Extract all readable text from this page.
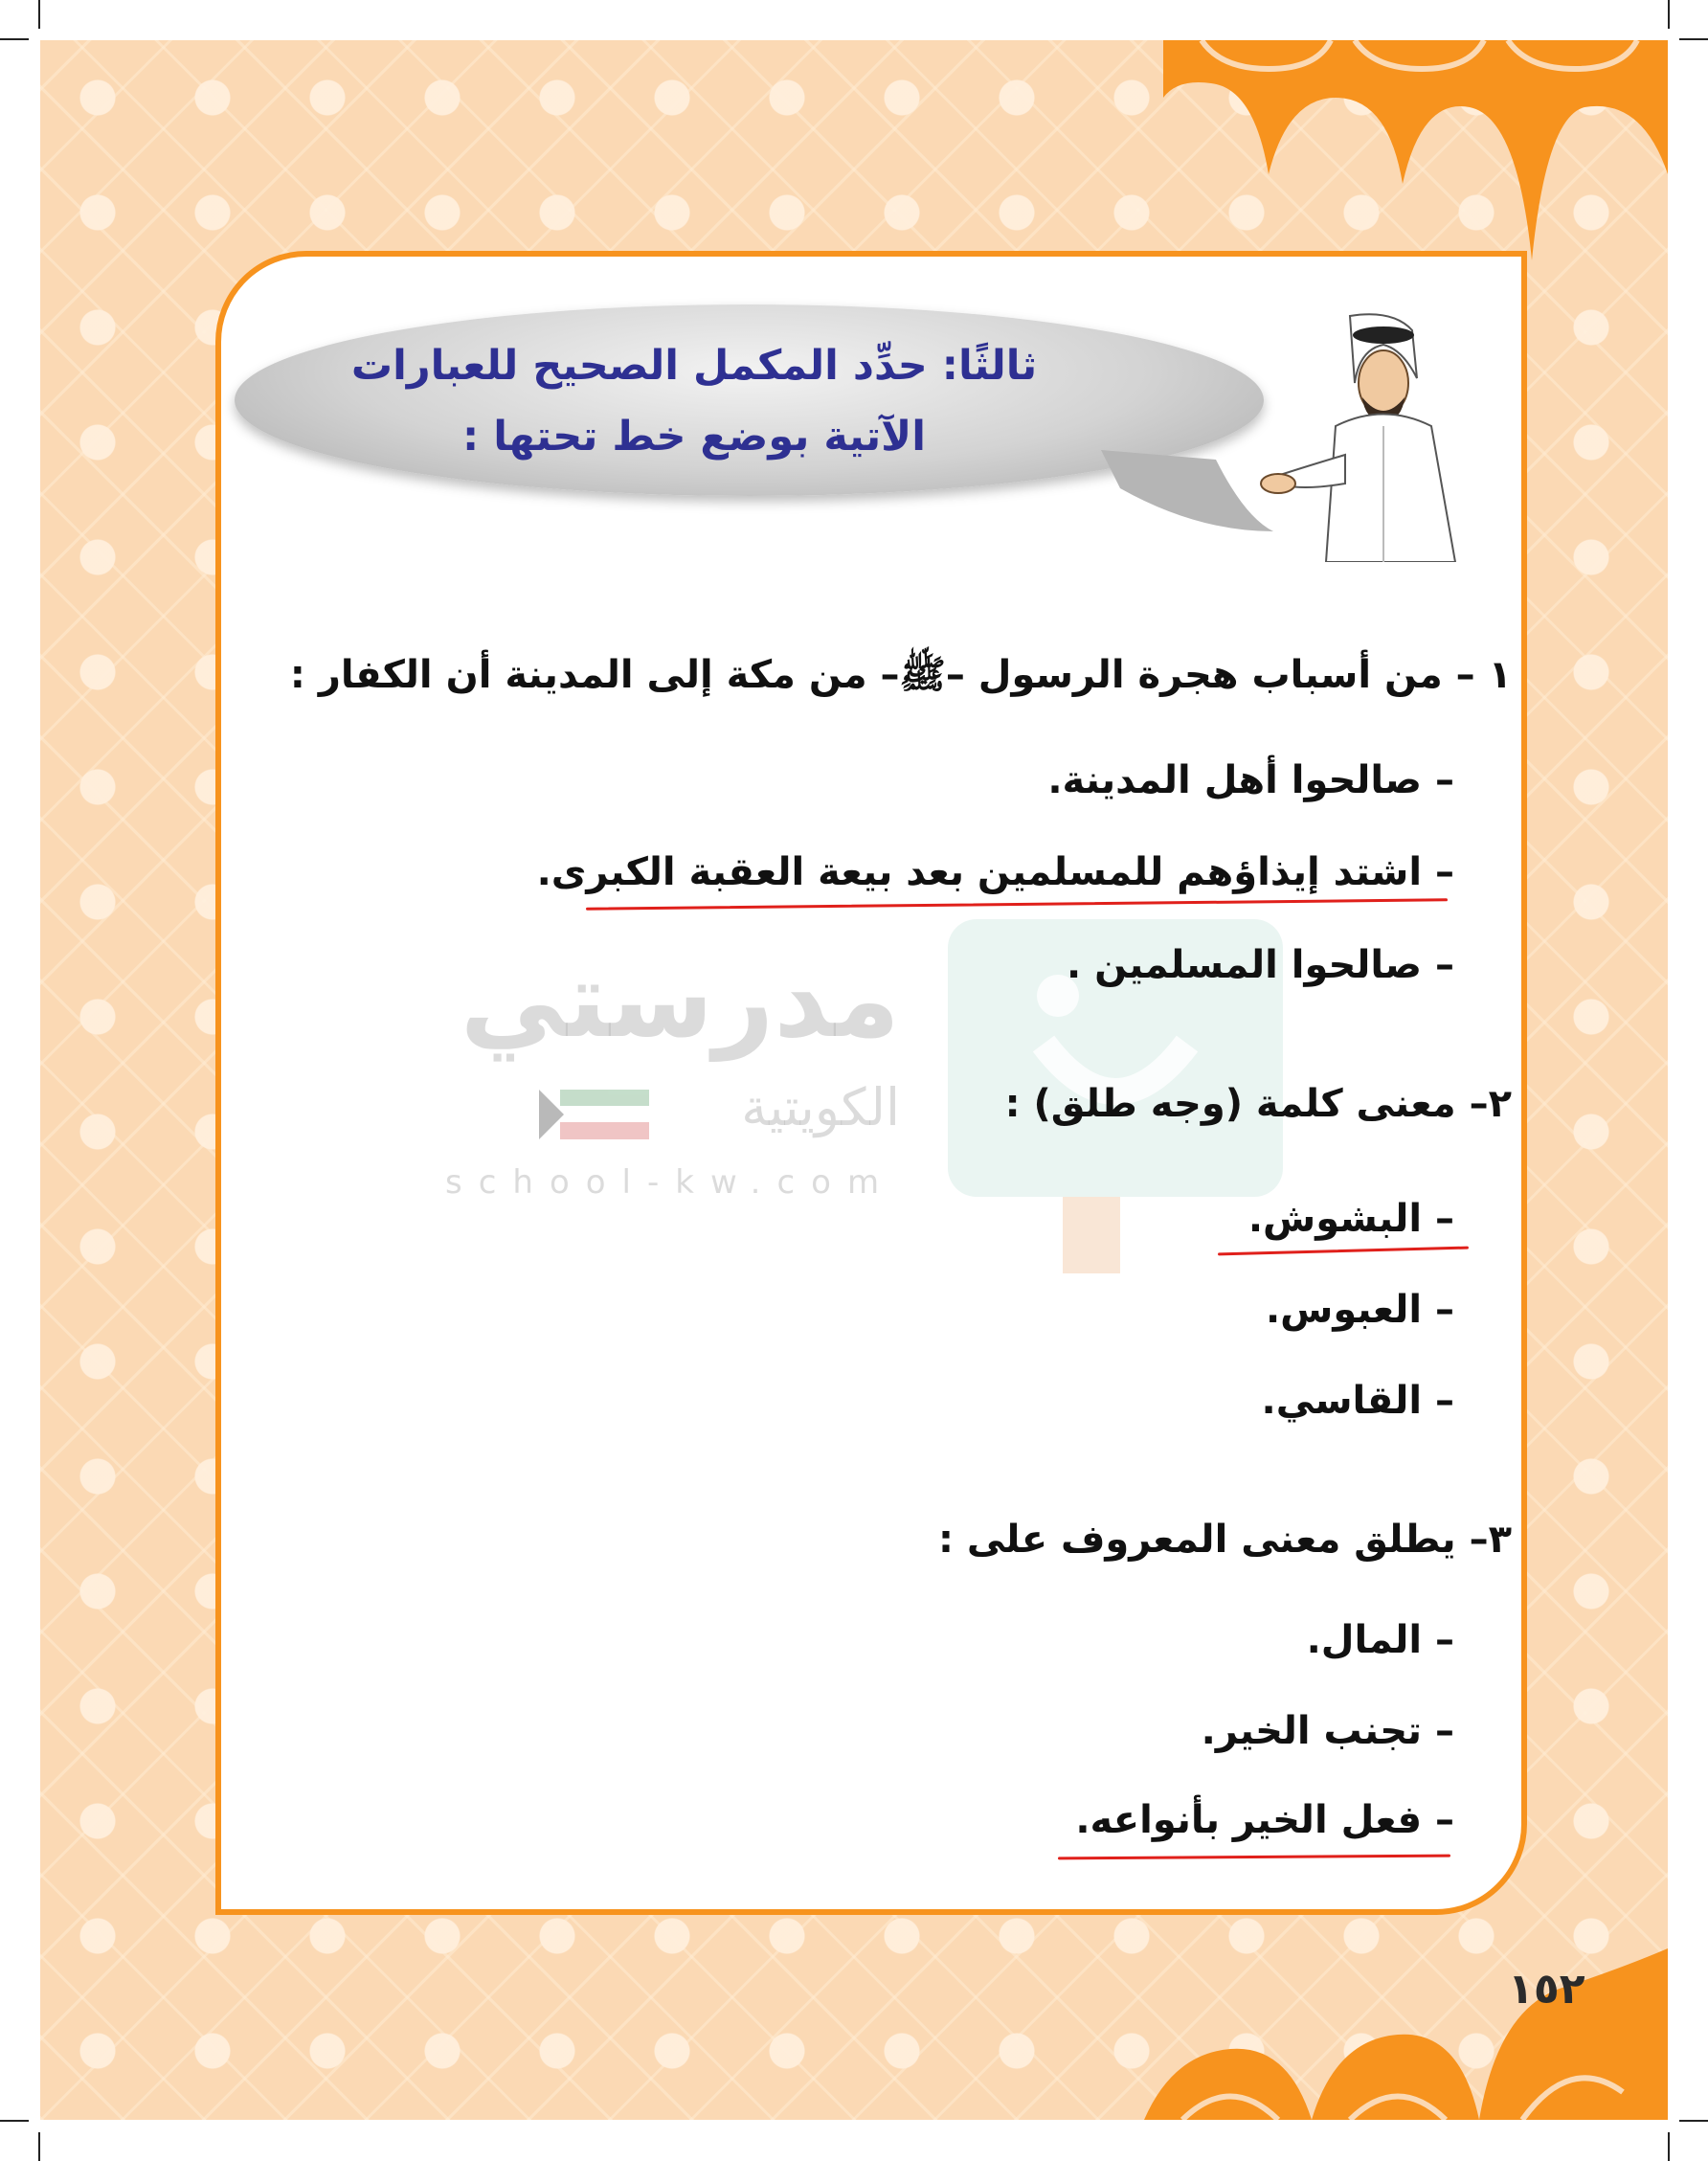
مدرستي
الكويتية
school-kw.com
ثالثًا: حدِّد المكمل الصحيح للعبارات
الآتية بوضع خط تحتها :
١ – من أسباب هجرة الرسول –ﷺ– من مكة إلى المدينة أن الكفار :
– صالحوا أهل المدينة.
– اشتد إيذاؤهم للمسلمين بعد بيعة العقبة الكبرى.
– صالحوا المسلمين .
٢– معنى كلمة (وجه طلق) :
– البشوش.
– العبوس.
– القاسي.
٣– يطلق معنى المعروف على :
– المال.
– تجنب الخير.
– فعل الخير بأنواعه.
١٥٢
